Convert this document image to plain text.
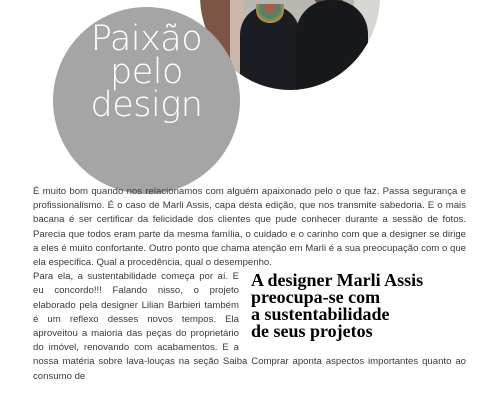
Paixão
pelo
design

É muito bom quando nos relacionamos com alguém apaixonado pelo o que faz. Passa segurança e profissionalismo. É o caso de Marli Assis, capa desta edição, que nos transmite sabedoria. E o mais bacana é ser certificar da felicidade dos clientes que pude conhecer durante a sessão de fotos. Parecia que todos eram parte da mesma família, o cuidado e o carinho com que a designer se dirige a eles é muito confortante. Outro ponto que chama atenção em Marli é a sua preocupação com o que ela especifica. Qual a procedência, qual o desempenho.

A designer Marli Assis
preocupa-se com
a sustentabilidade
de seus projetos

Para ela, a sustentabilidade começa por aí. E eu concordo!!! Falando nisso, o projeto elaborado pela designer Lilian Barbieri também é um reflexo desses novos tempos. Ela aproveitou a maioria das peças do proprietário do imóvel, renovando com acabamentos. E a nossa matéria sobre lava-louças na seção Saiba Comprar aponta aspectos importantes quanto ao consumo de
